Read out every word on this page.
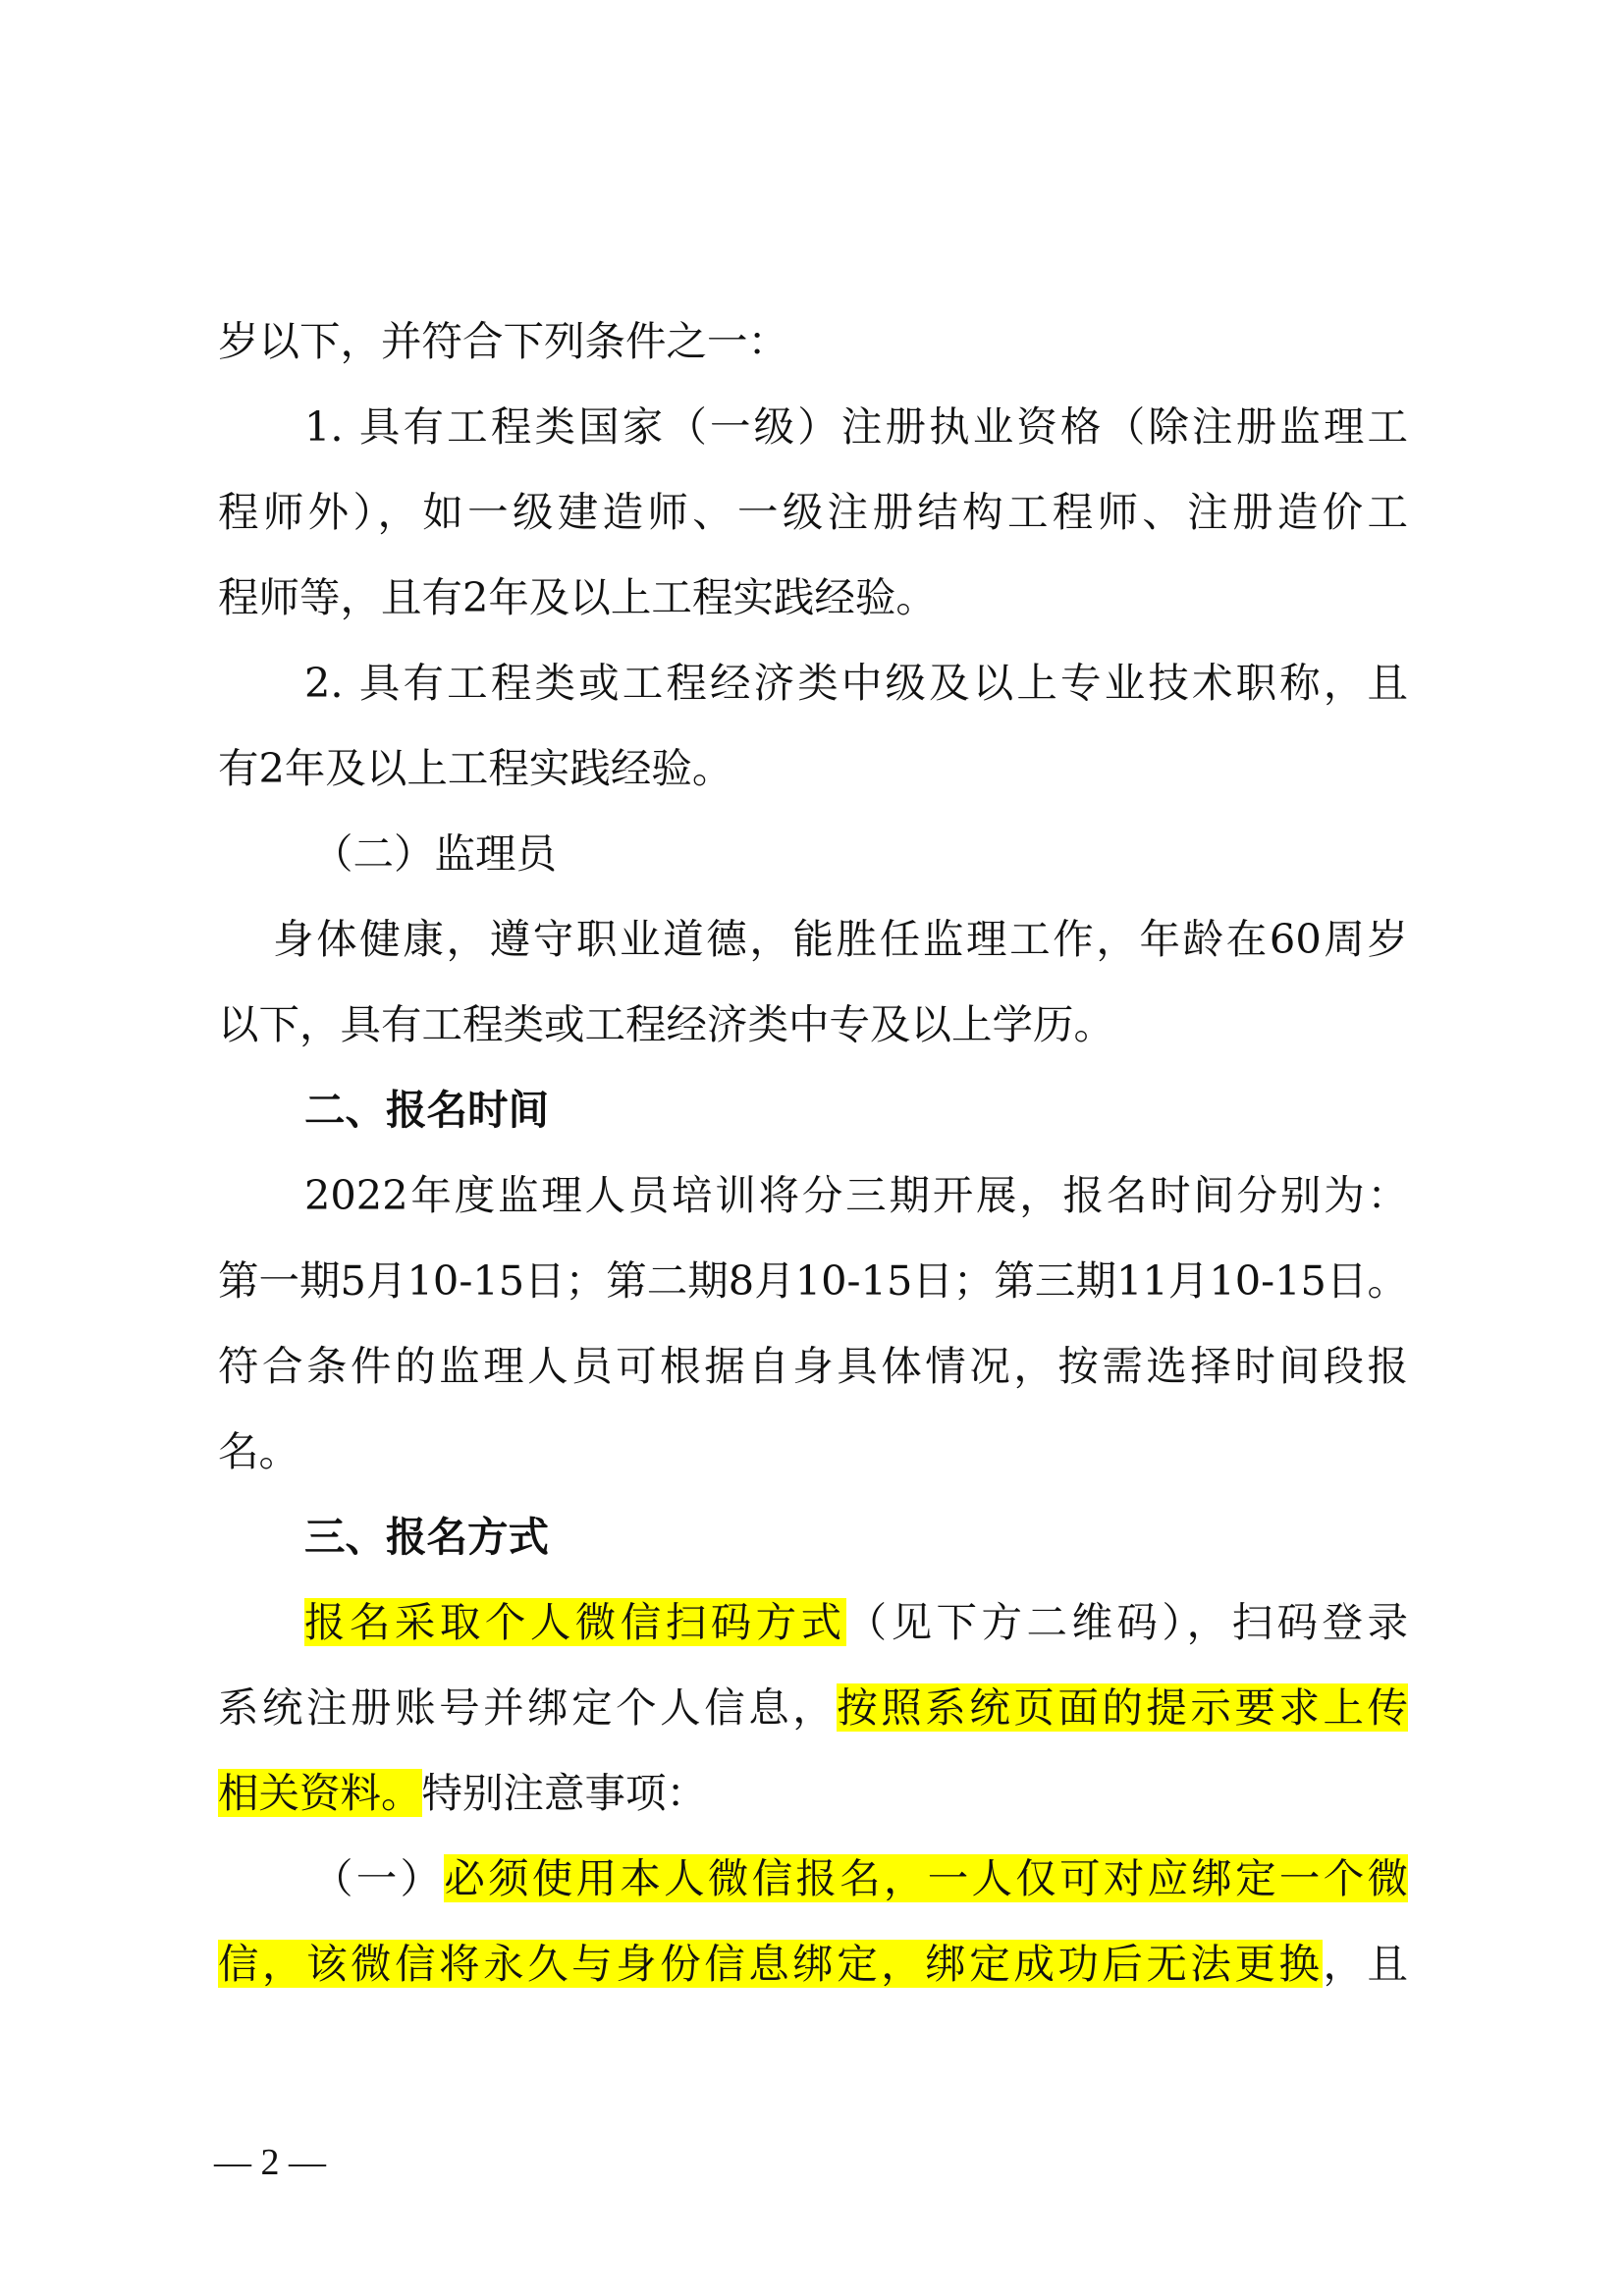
岁以下，并符合下列条件之一：

1. 具有工程类国家（一级）注册执业资格（除注册监理工

程师外），如一级建造师、一级注册结构工程师、注册造价工

程师等，且有2年及以上工程实践经验。

2. 具有工程类或工程经济类中级及以上专业技术职称，且

有2年及以上工程实践经验。

（二）监理员

身体健康，遵守职业道德，能胜任监理工作，年龄在60周岁

以下，具有工程类或工程经济类中专及以上学历。

二、报名时间

2022年度监理人员培训将分三期开展，报名时间分别为：

第一期5月10-15日；第二期8月10-15日；第三期11月10-15日。

符合条件的监理人员可根据自身具体情况，按需选择时间段报

名。

三、报名方式

报名采取个人微信扫码方式（见下方二维码），扫码登录

系统注册账号并绑定个人信息，按照系统页面的提示要求上传

相关资料。特别注意事项：

（一）必须使用本人微信报名，一人仅可对应绑定一个微

信，该微信将永久与身份信息绑定，绑定成功后无法更换，且

— 2 —
